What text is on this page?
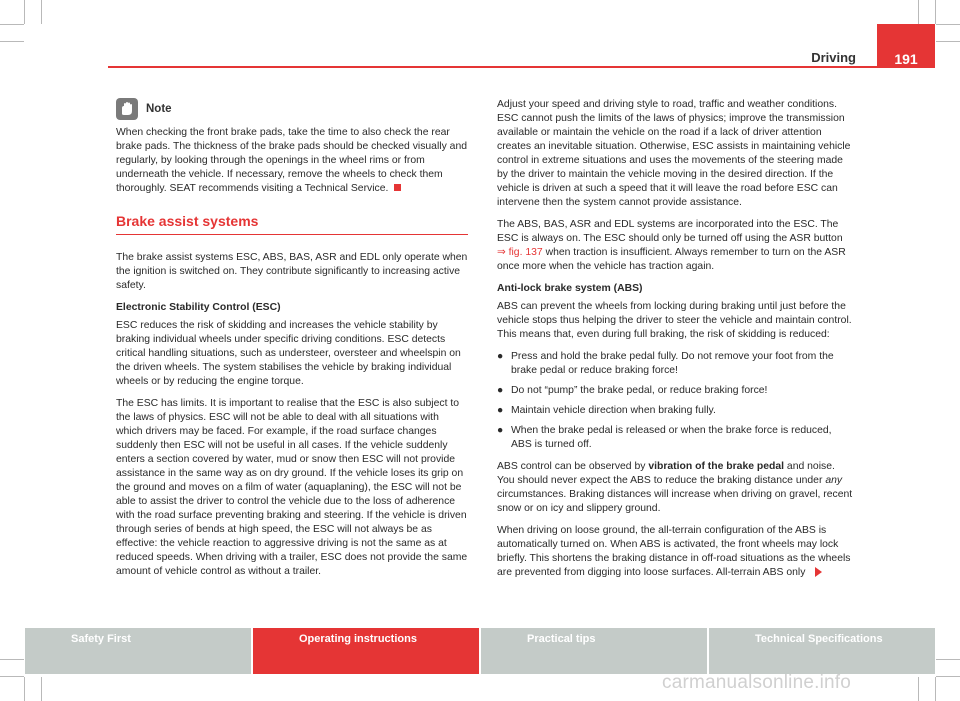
Driving	191
Note

When checking the front brake pads, take the time to also check the rear brake pads. The thickness of the brake pads should be checked visually and regularly, by looking through the openings in the wheel rims or from underneath the vehicle. If necessary, remove the wheels to check them thoroughly. SEAT recommends visiting a Technical Service.

Brake assist systems

The brake assist systems ESC, ABS, BAS, ASR and EDL only operate when the ignition is switched on. They contribute significantly to increasing active safety.

Electronic Stability Control (ESC)

ESC reduces the risk of skidding and increases the vehicle stability by braking individual wheels under specific driving conditions. ESC detects critical handling situations, such as understeer, oversteer and wheelspin on the driven wheels. The system stabilises the vehicle by braking individual wheels or by reducing the engine torque.

The ESC has limits. It is important to realise that the ESC is also subject to the laws of physics. ESC will not be able to deal with all situations with which drivers may be faced. For example, if the road surface changes suddenly then ESC will not be useful in all cases. If the vehicle suddenly enters a section covered by water, mud or snow then ESC will not provide assistance in the same way as on dry ground. If the vehicle loses its grip on the ground and moves on a film of water (aquaplaning), the ESC will not be able to assist the driver to control the vehicle due to the loss of adherence with the road surface preventing braking and steering. If the vehicle is driven through series of bends at high speed, the ESC will not always be as effective: the vehicle reaction to aggressive driving is not the same as at reduced speeds. When driving with a trailer, ESC does not provide the same amount of vehicle control as without a trailer.

Adjust your speed and driving style to road, traffic and weather conditions. ESC cannot push the limits of the laws of physics; improve the transmission available or maintain the vehicle on the road if a lack of driver attention creates an inevitable situation. Otherwise, ESC assists in maintaining vehicle control in extreme situations and uses the movements of the steering made by the driver to maintain the vehicle moving in the desired direction. If the vehicle is driven at such a speed that it will leave the road before ESC can intervene then the system cannot provide assistance.

The ABS, BAS, ASR and EDL systems are incorporated into the ESC. The ESC is always on. The ESC should only be turned off using the ASR button ⇒ fig. 137 when traction is insufficient. Always remember to turn on the ASR once more when the vehicle has traction again.

Anti-lock brake system (ABS)

ABS can prevent the wheels from locking during braking until just before the vehicle stops thus helping the driver to steer the vehicle and maintain control. This means that, even during full braking, the risk of skidding is reduced:

● Press and hold the brake pedal fully. Do not remove your foot from the brake pedal or reduce braking force!
● Do not “pump” the brake pedal, or reduce braking force!
● Maintain vehicle direction when braking fully.
● When the brake pedal is released or when the brake force is reduced, ABS is turned off.

ABS control can be observed by vibration of the brake pedal and noise. You should never expect the ABS to reduce the braking distance under any circumstances. Braking distances will increase when driving on gravel, recent snow or on icy and slippery ground.

When driving on loose ground, the all-terrain configuration of the ABS is automatically turned on. When ABS is activated, the front wheels may lock briefly. This shortens the braking distance in off-road situations as the wheels are prevented from digging into loose surfaces. All-terrain ABS only

Safety First	Operating instructions	Practical tips	Technical Specifications
carmanualsonline.info
